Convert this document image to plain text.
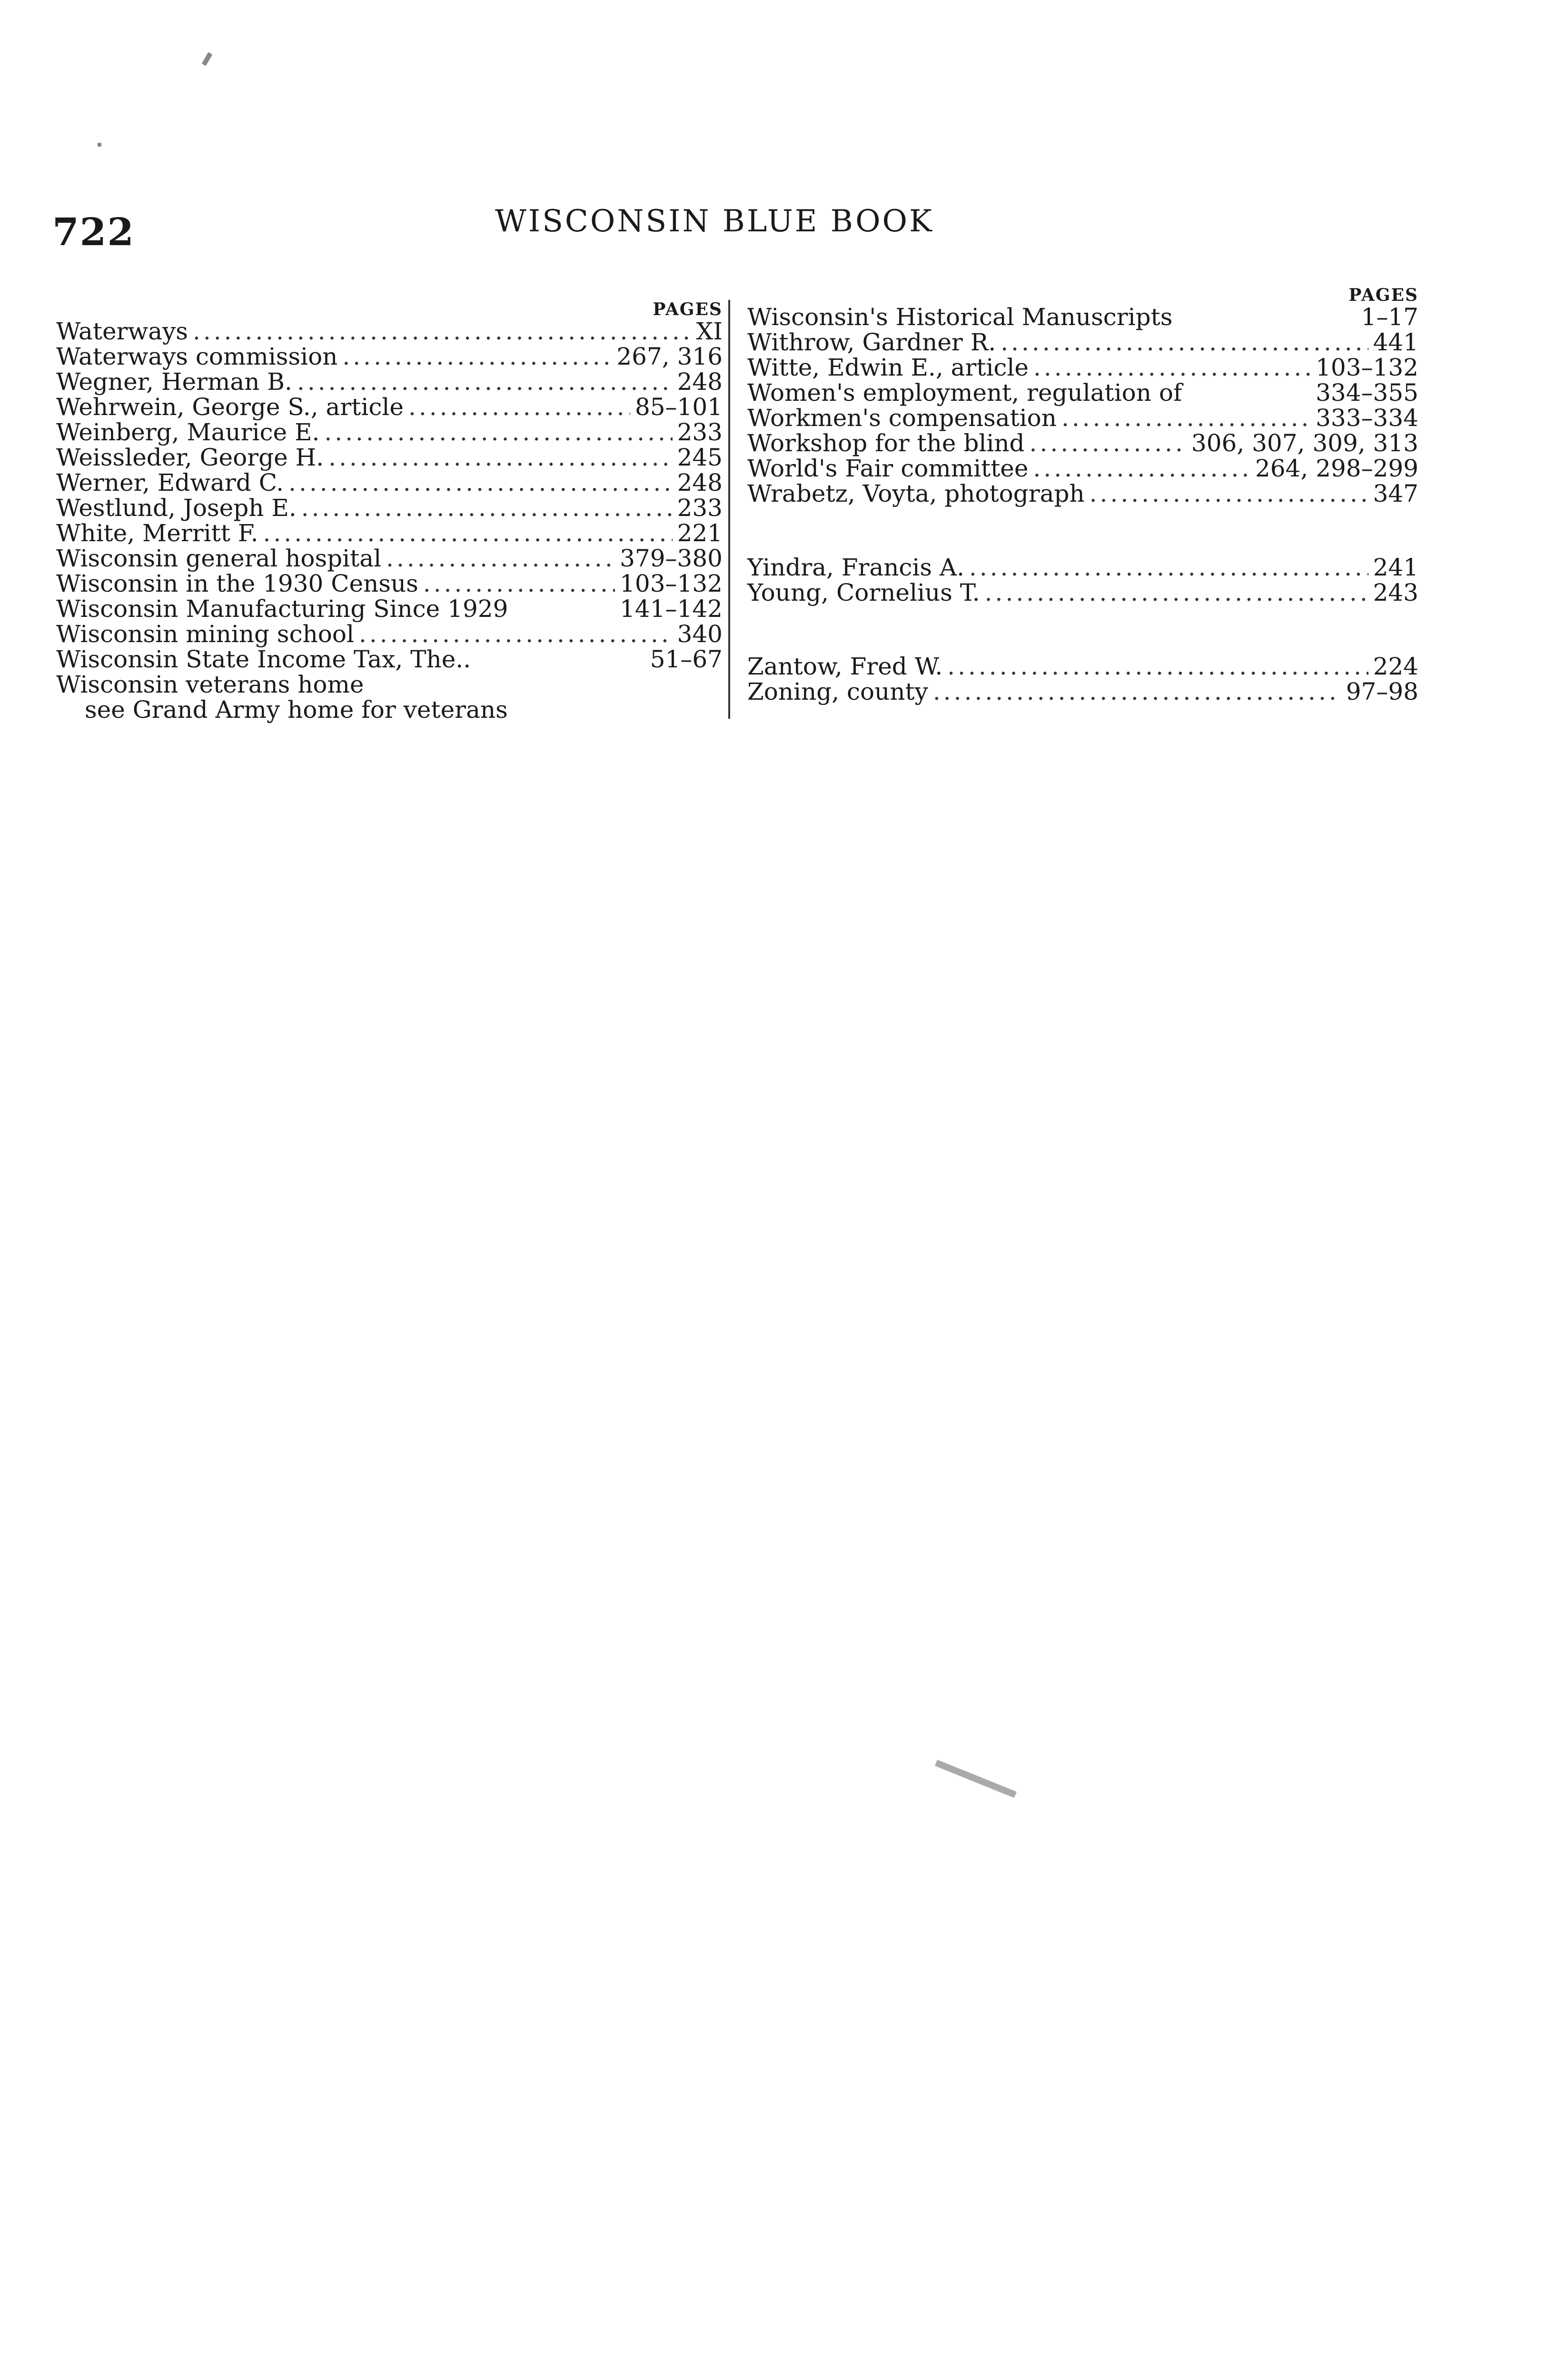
722	WISCONSIN BLUE BOOK
PAGES
Waterways .....	XI
Waterways commission .....	267, 316
Wegner, Herman B. .....	248
Wehrwein, George S., article .....	85–101
Weinberg, Maurice E. .....	233
Weissleder, George H. .....	245
Werner, Edward C. .....	248
Westlund, Joseph E. .....	233
White, Merritt F. .....	221
Wisconsin general hospital .....	379–380
Wisconsin in the 1930 Census .....	103–132
Wisconsin Manufacturing Since 1929	141–142
Wisconsin mining school .....	340
Wisconsin State Income Tax, The..	51–67
Wisconsin veterans home
see Grand Army home for veterans
PAGES
Wisconsin's Historical Manuscripts	1–17
Withrow, Gardner R. .....	441
Witte, Edwin E., article .....	103–132
Women's employment, regulation of	334–355
Workmen's compensation .....	333–334
Workshop for the blind .....	306, 307, 309, 313
World's Fair committee .....	264, 298–299
Wrabetz, Voyta, photograph .....	347
Yindra, Francis A. .....	241
Young, Cornelius T. .....	243
Zantow, Fred W. .....	224
Zoning, county .....	97–98
